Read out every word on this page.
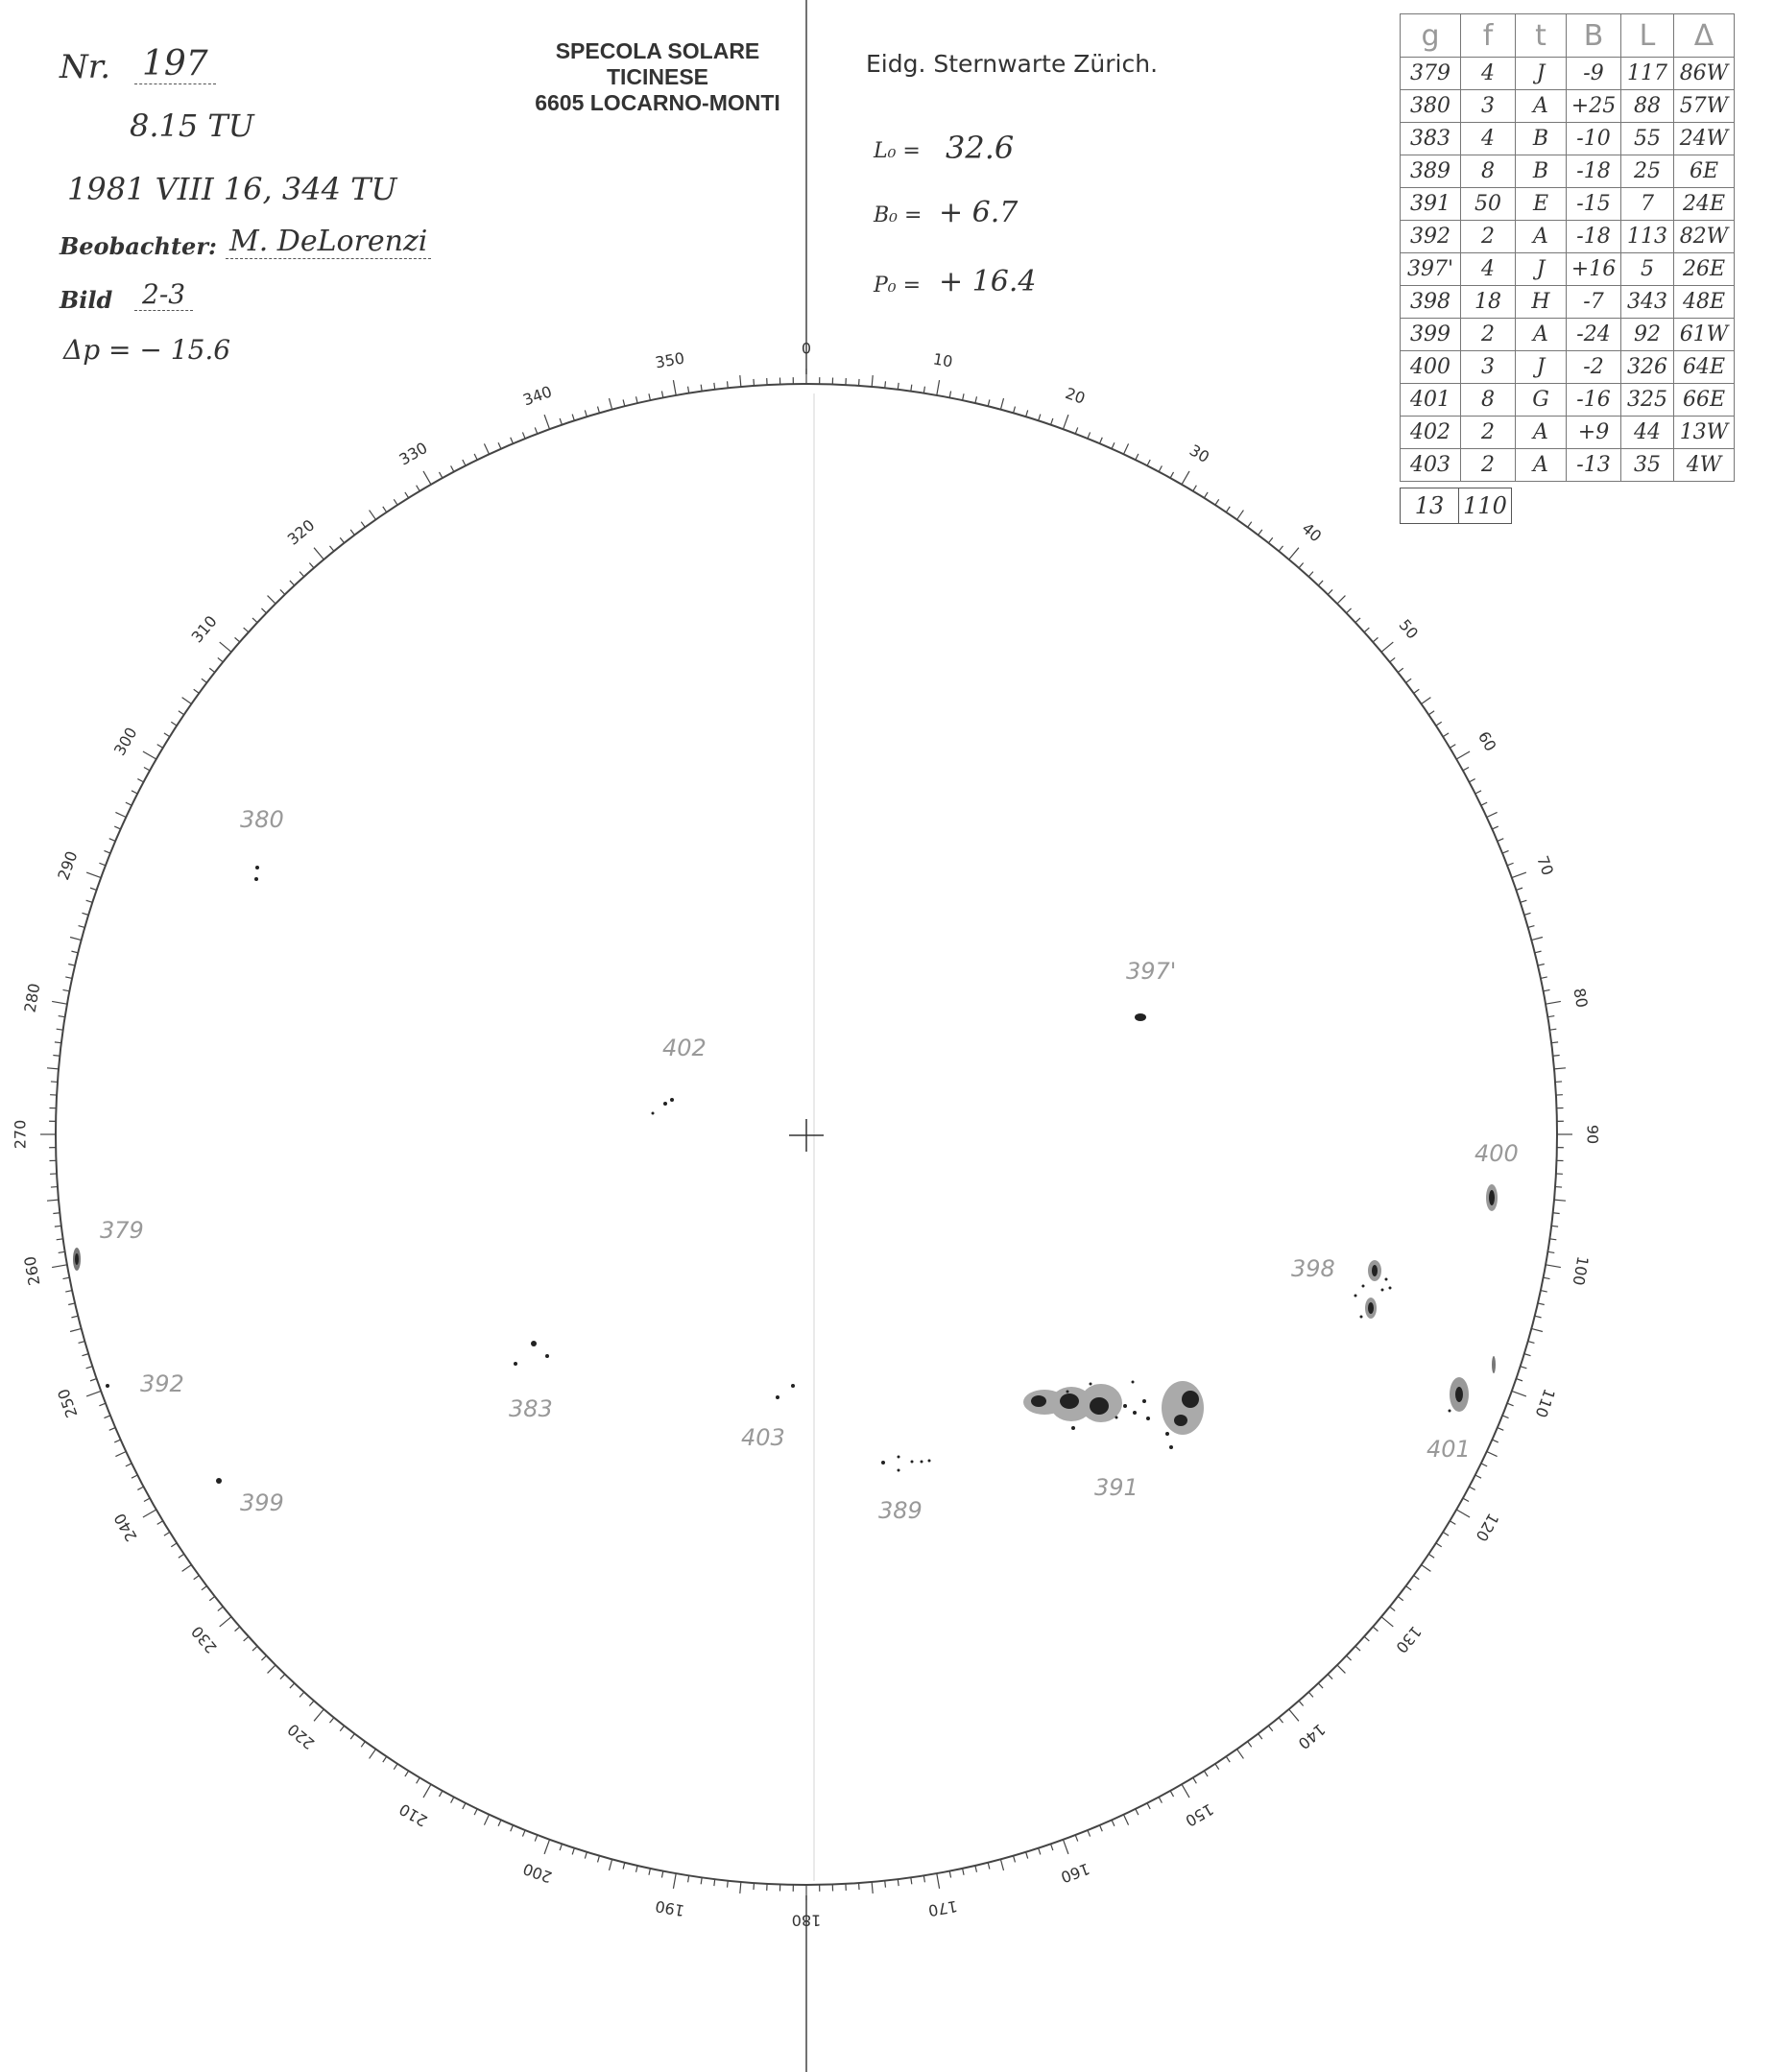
Nr. 197
8.15 TU
1981 VIII 16, 344 TU
Beobachter: M. DeLorenzi
Bild 2-3
Δp = − 15.6
SPECOLA SOLARE
TICINESE
6605 LOCARNO-MONTI
Eidg. Sternwarte Zürich.
L₀ = 32.6
B₀ = + 6.7
P₀ = + 16.4
g	f	t	B	L	Δ
379	4	J	-9	117	86W
380	3	A	+25	88	57W
383	4	B	-10	55	24W
389	8	B	-18	25	6E
391	50	E	-15	7	24E
392	2	A	-18	113	82W
397'	4	J	+16	5	26E
398	18	H	-7	343	48E
399	2	A	-24	92	61W
400	3	J	-2	326	64E
401	8	G	-16	325	66E
402	2	A	+9	44	13W
403	2	A	-13	35	4W
13	110
0
10
20
30
40
50
60
70
80
90
100
110
120
130
140
150
160
170
180
190
200
210
220
230
240
250
260
270
280
290
300
310
320
330
340
350
380
402
379
392
383
403
399	389
391
397'
400
398
401
